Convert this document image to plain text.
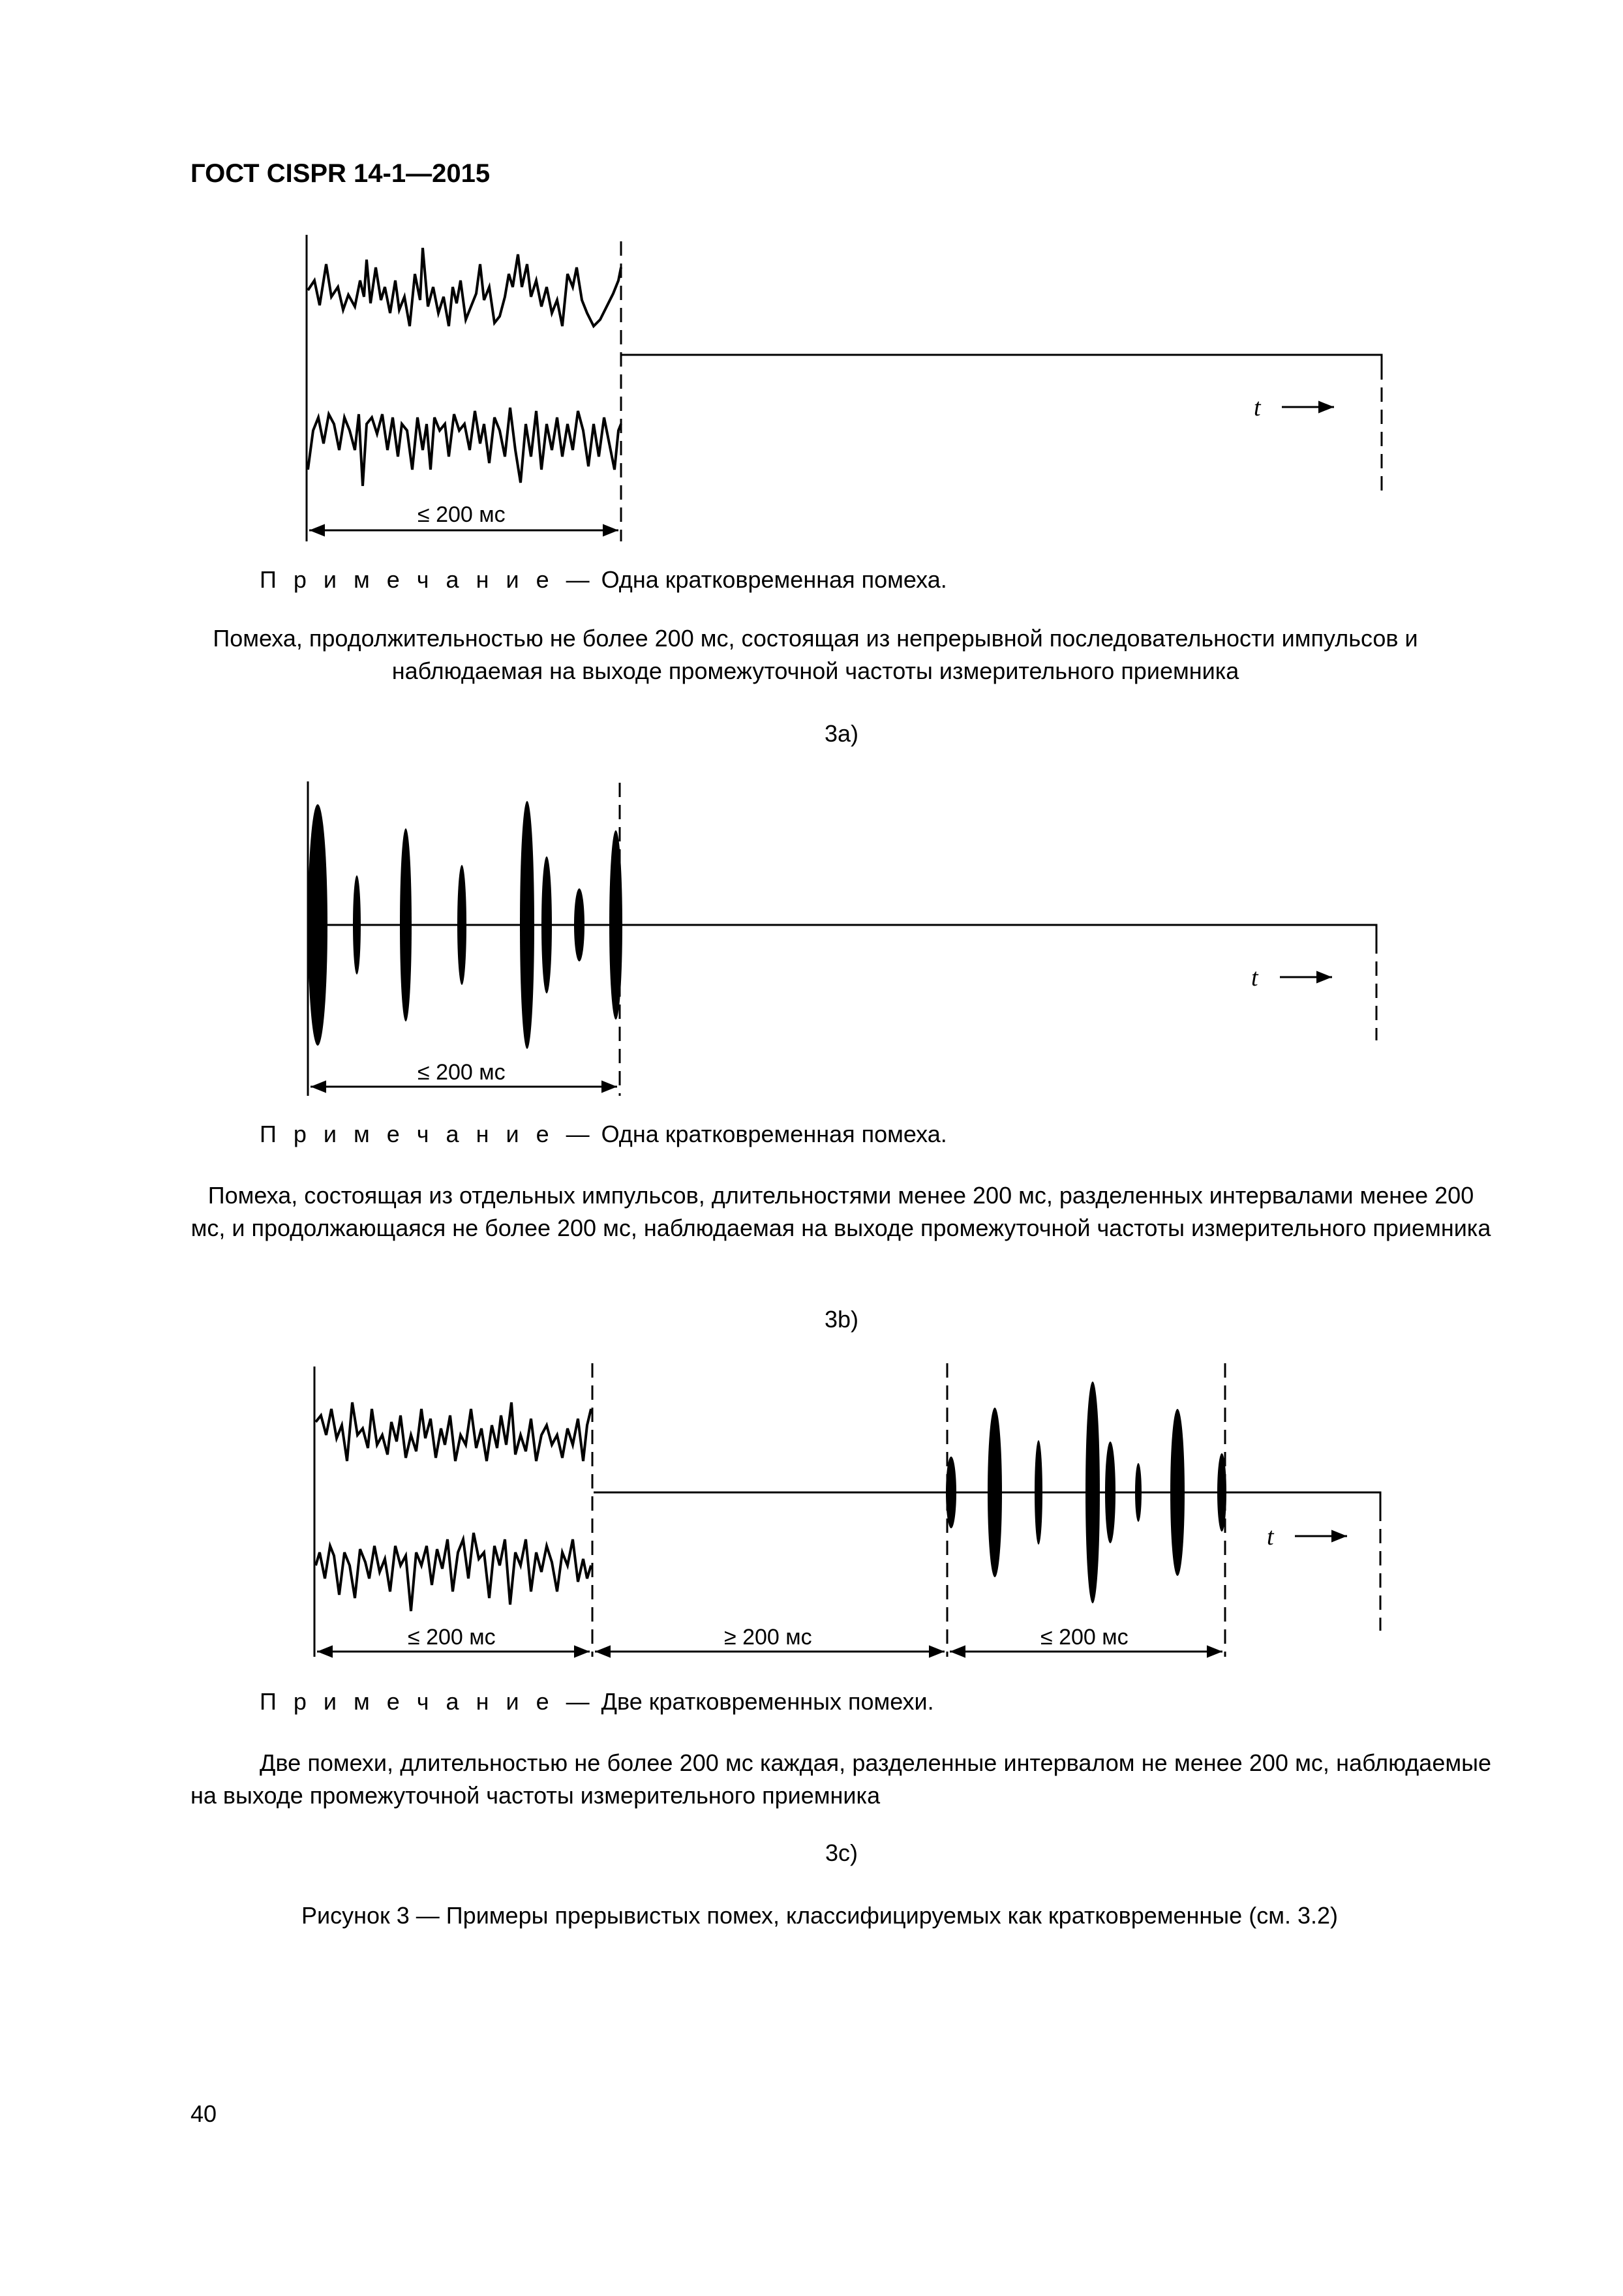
ГОСТ CISPR 14-1—2015
t
≤ 200 мс
t
≤ 200 мс
t
≤ 200 мс	≥ 200 мс	≤ 200 мс
П р и м е ч а н и е — Одна кратковременная помеха.
Помеха, продолжительностью не более 200 мс, состоящая из непрерывной последовательности импульсов и наблюдаемая на выходе промежуточной частоты измерительного приемника
3a)
П р и м е ч а н и е — Одна кратковременная помеха.
Помеха, состоящая из отдельных импульсов, длительностями менее 200 мс, разделенных интервалами менее 200 мс, и продолжающаяся не более 200 мс, наблюдаемая на выходе промежуточной частоты измерительного приемника
3b)
П р и м е ч а н и е — Две кратковременных помехи.
Две помехи, длительностью не более 200 мс каждая, разделенные интервалом не менее 200 мс, наблюдаемые на выходе промежуточной частоты измерительного приемника
3c)
Рисунок 3 — Примеры прерывистых помех, классифицируемых как кратковременные (см. 3.2)
40
